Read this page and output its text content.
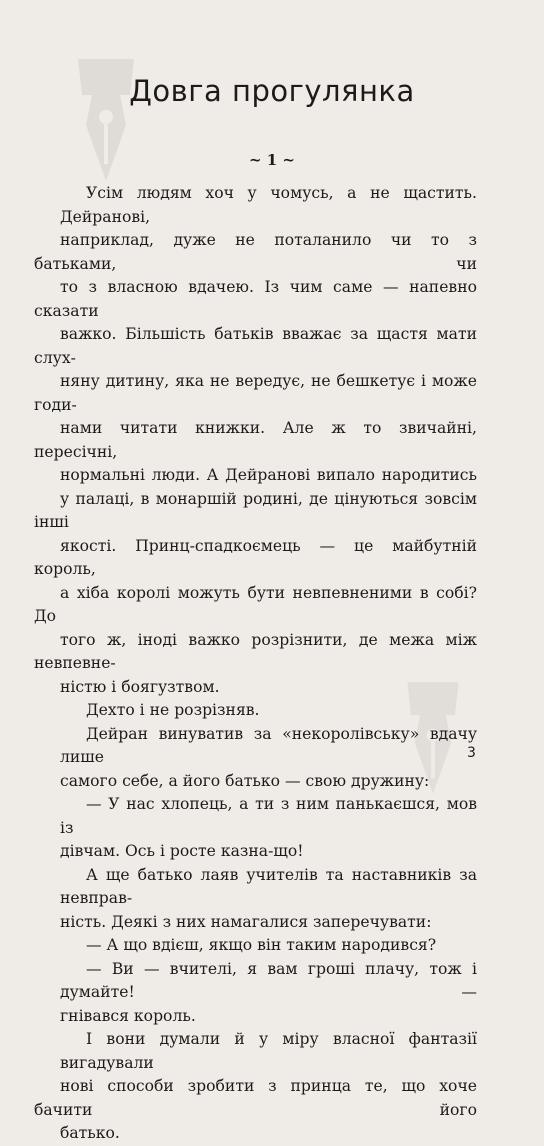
Довга прогулянка
~ 1 ~

Усім людям хоч у чомусь, а не щастить. Дейранові,
наприклад, дуже не поталанило чи то з батьками, чи
то з власною вдачею. Із чим саме — напевно сказати
важко. Більшість батьків вважає за щастя мати слух-
няну дитину, яка не вередує, не бешкетує і може годи-
нами читати книжки. Але ж то звичайні, пересічні,
нормальні люди. А Дейранові випало народитись
у палаці, в монаршій родині, де цінуються зовсім інші
якості. Принц-спадкоємець — це майбутній король,
а хіба королі можуть бути невпевненими в собі? До
того ж, іноді важко розрізнити, де межа між невпевне-
ністю і боягузтвом.

Дехто і не розрізняв.

Дейран винуватив за «некоролівську» вдачу лише
самого себе, а його батько — свою дружину:

— У нас хлопець, а ти з ним панькаєшся, мов із
дівчам. Ось і росте казна-що!

А ще батько лаяв учителів та наставників за невправ-
ність. Деякі з них намагалися заперечувати:

— А що вдієш, якщо він таким народився?

— Ви — вчителі, я вам гроші плачу, тож і думайте! —
гнівався король.

І вони думали й у міру власної фантазії вигадували
нові способи зробити з принца те, що хоче бачити його
батько.

3
